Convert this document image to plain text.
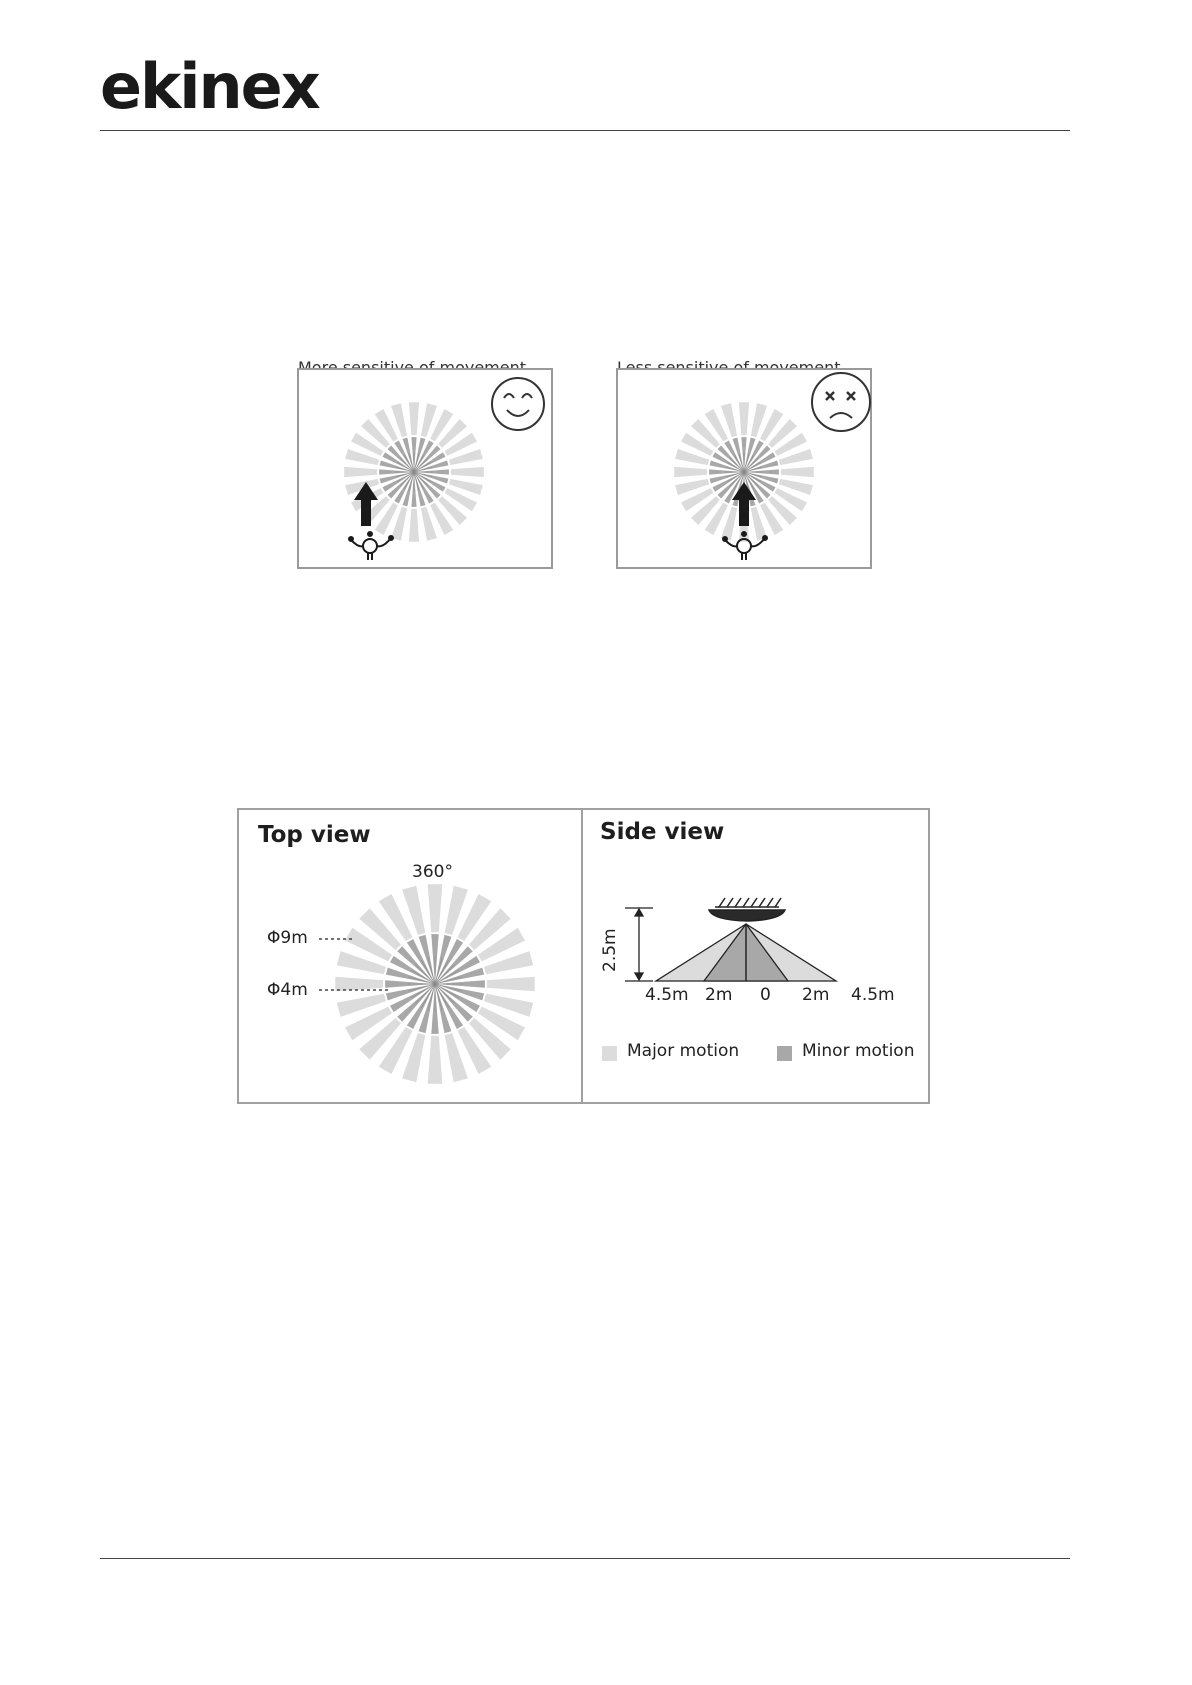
ekinex

Top view
360°
Φ9m
Φ4m
Side view
2.5m
4.5m 2m 0 2m 4.5m
Major motion	Minor motion
